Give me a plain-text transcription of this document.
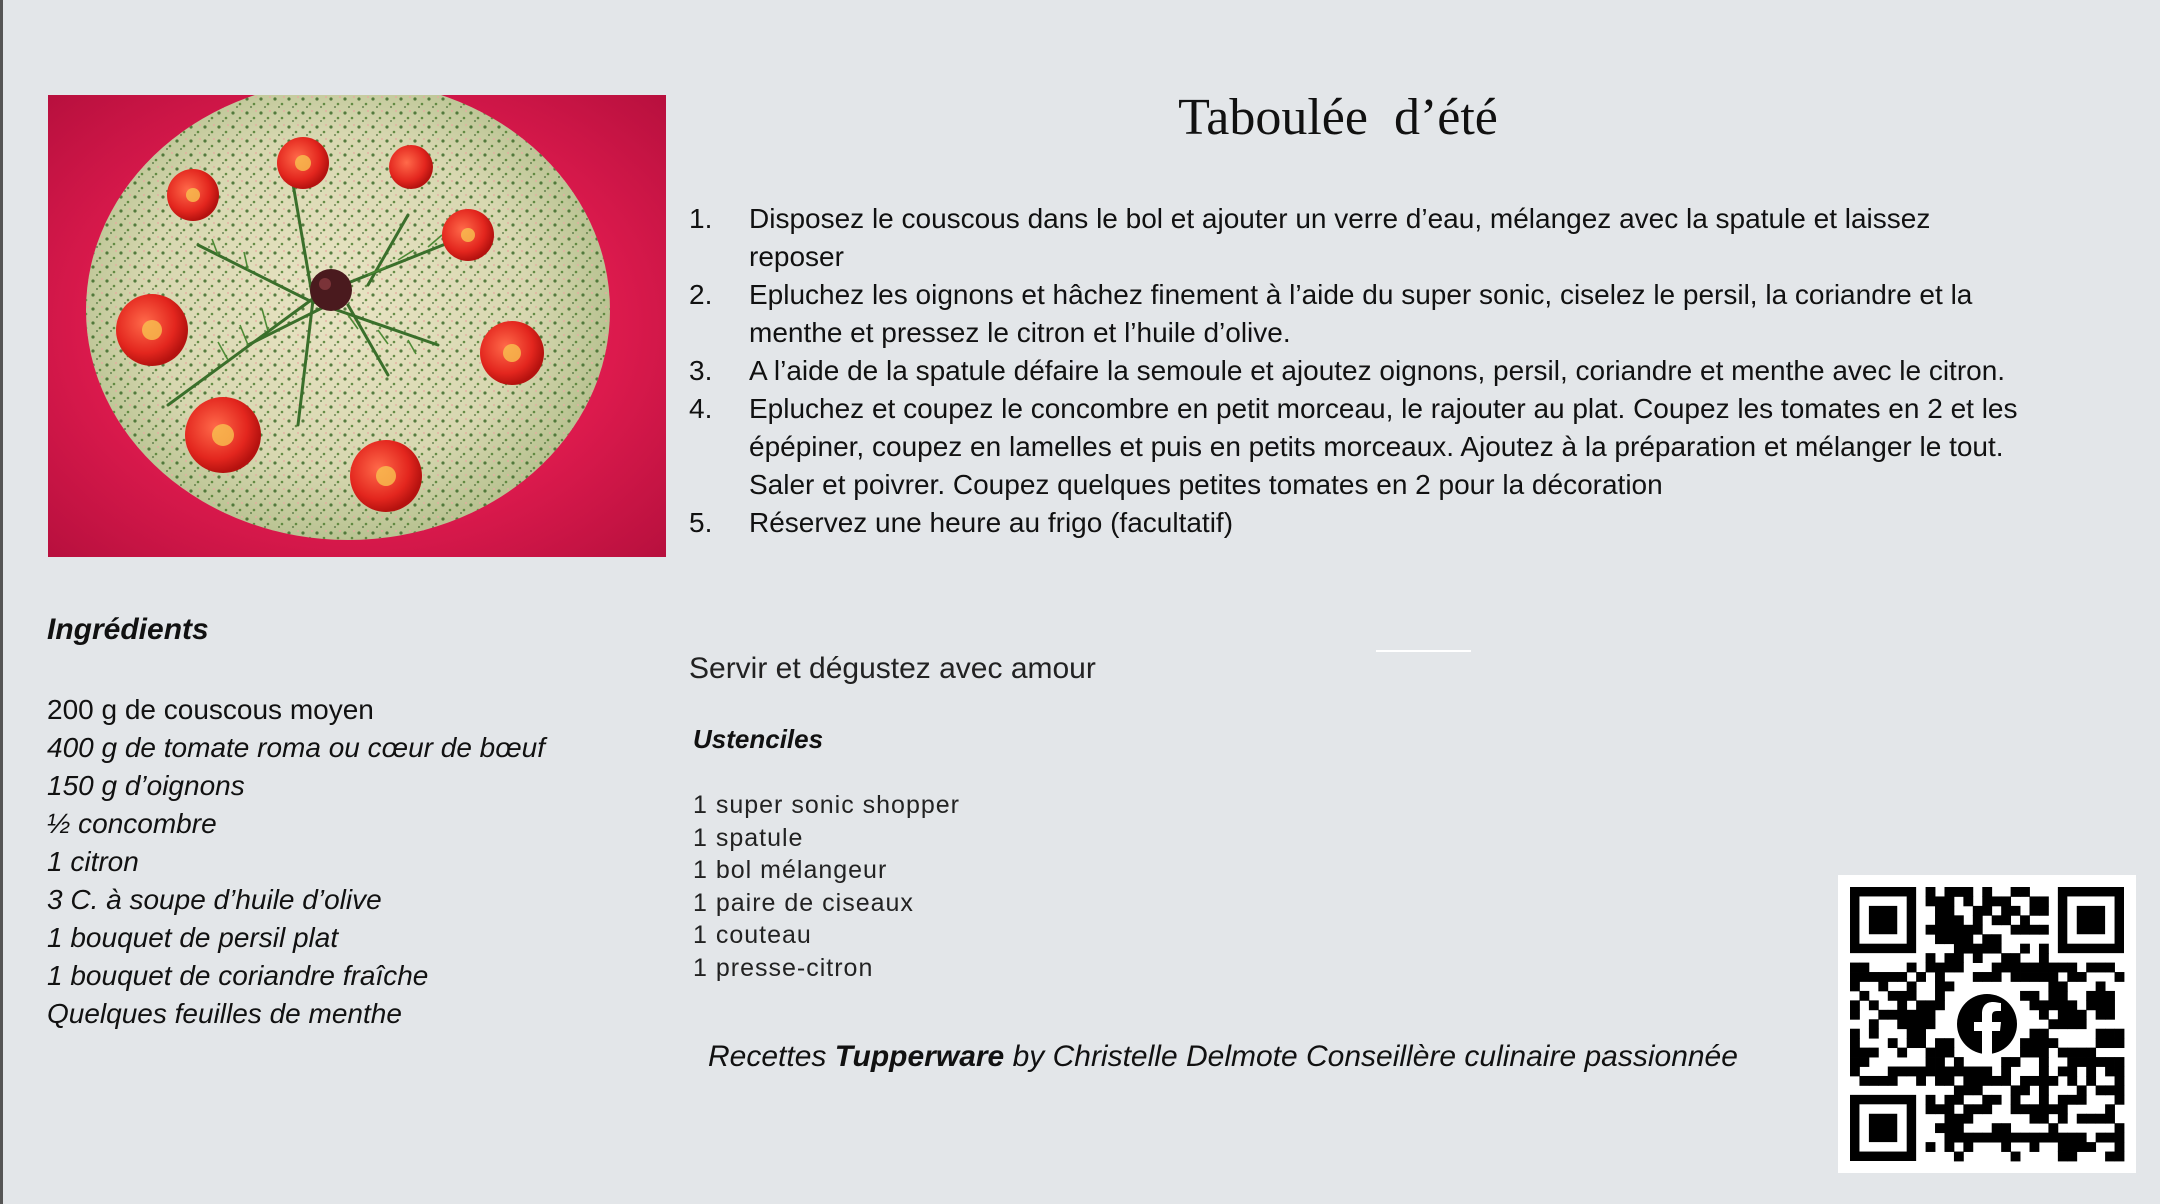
Taboulée  d’été
1. Disposez le couscous dans le bol et ajouter un verre d’eau, mélangez avec la spatule et laissez reposer
2. Epluchez les oignons et hâchez finement à l’aide du super sonic, ciselez le persil, la coriandre et la menthe et pressez le citron et l’huile d’olive.
3. A l’aide de la spatule défaire la semoule et ajoutez oignons, persil, coriandre et menthe avec le citron.
4. Epluchez et coupez le concombre en petit morceau, le rajouter au plat. Coupez les tomates en 2 et les épépiner, coupez en lamelles et puis en petits morceaux. Ajoutez à la préparation et mélanger le tout. Saler et poivrer. Coupez quelques petites tomates en 2 pour la décoration
5. Réservez une heure au frigo (facultatif)
Servir et dégustez avec amour
Ustenciles
1 super sonic shopper
1 spatule
1 bol mélangeur
1 paire de ciseaux
1 couteau
1 presse-citron
Ingrédients
200 g de couscous moyen
400 g de tomate roma ou cœur de bœuf
150 g d’oignons
½ concombre
1 citron
3 C. à soupe d’huile d’olive
1 bouquet de persil plat
1 bouquet de coriandre fraîche
Quelques feuilles de menthe
Recettes Tupperware by Christelle Delmote Conseillère culinaire passionnée
